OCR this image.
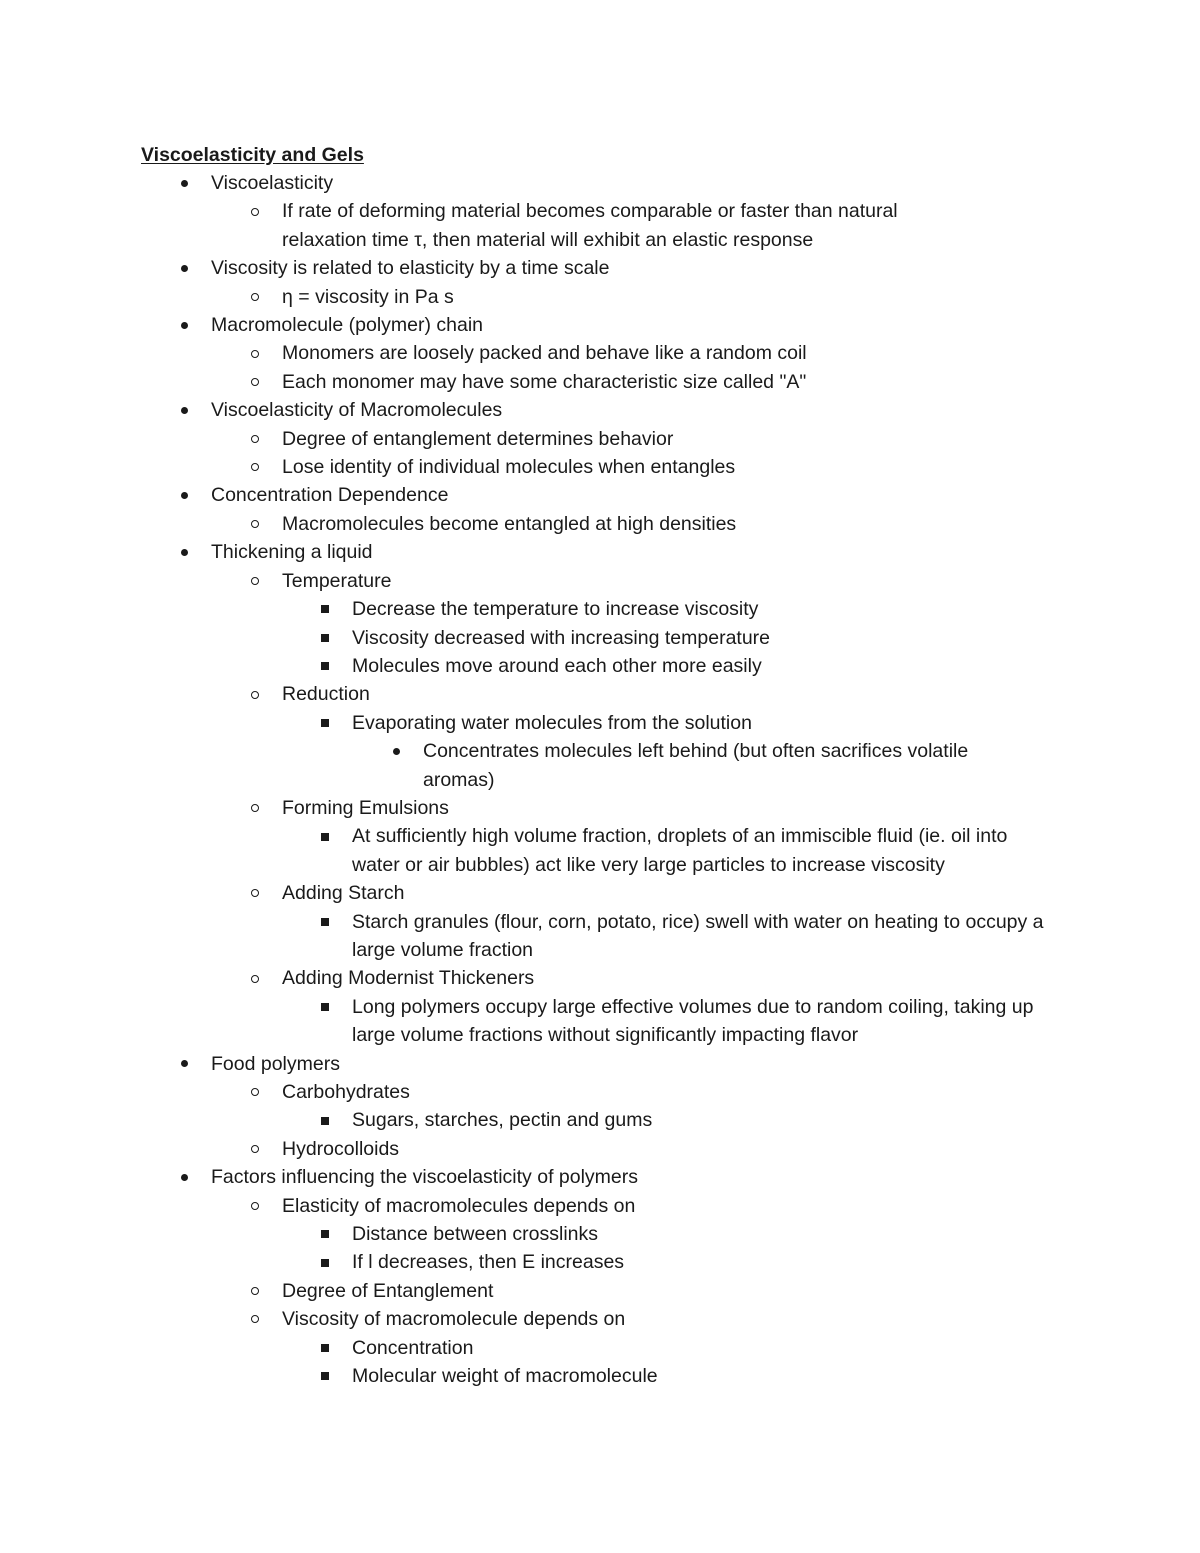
Viscoelasticity and Gels
Viscoelasticity
If rate of deforming material becomes comparable or faster than natural relaxation time τ, then material will exhibit an elastic response
Viscosity is related to elasticity by a time scale
η = viscosity in Pa s
Macromolecule (polymer) chain
Monomers are loosely packed and behave like a random coil
Each monomer may have some characteristic size called "A"
Viscoelasticity of Macromolecules
Degree of entanglement determines behavior
Lose identity of individual molecules when entangles
Concentration Dependence
Macromolecules become entangled at high densities
Thickening a liquid
Temperature
Decrease the temperature to increase viscosity
Viscosity decreased with increasing temperature
Molecules move around each other more easily
Reduction
Evaporating water molecules from the solution
Concentrates molecules left behind (but often sacrifices volatile aromas)
Forming Emulsions
At sufficiently high volume fraction, droplets of an immiscible fluid (ie. oil into water or air bubbles) act like very large particles to increase viscosity
Adding Starch
Starch granules (flour, corn, potato, rice) swell with water on heating to occupy a large volume fraction
Adding Modernist Thickeners
Long polymers occupy large effective volumes due to random coiling, taking up large volume fractions without significantly impacting flavor
Food polymers
Carbohydrates
Sugars, starches, pectin and gums
Hydrocolloids
Factors influencing the viscoelasticity of polymers
Elasticity of macromolecules depends on
Distance between crosslinks
If l decreases, then E increases
Degree of Entanglement
Viscosity of macromolecule depends on
Concentration
Molecular weight of macromolecule
